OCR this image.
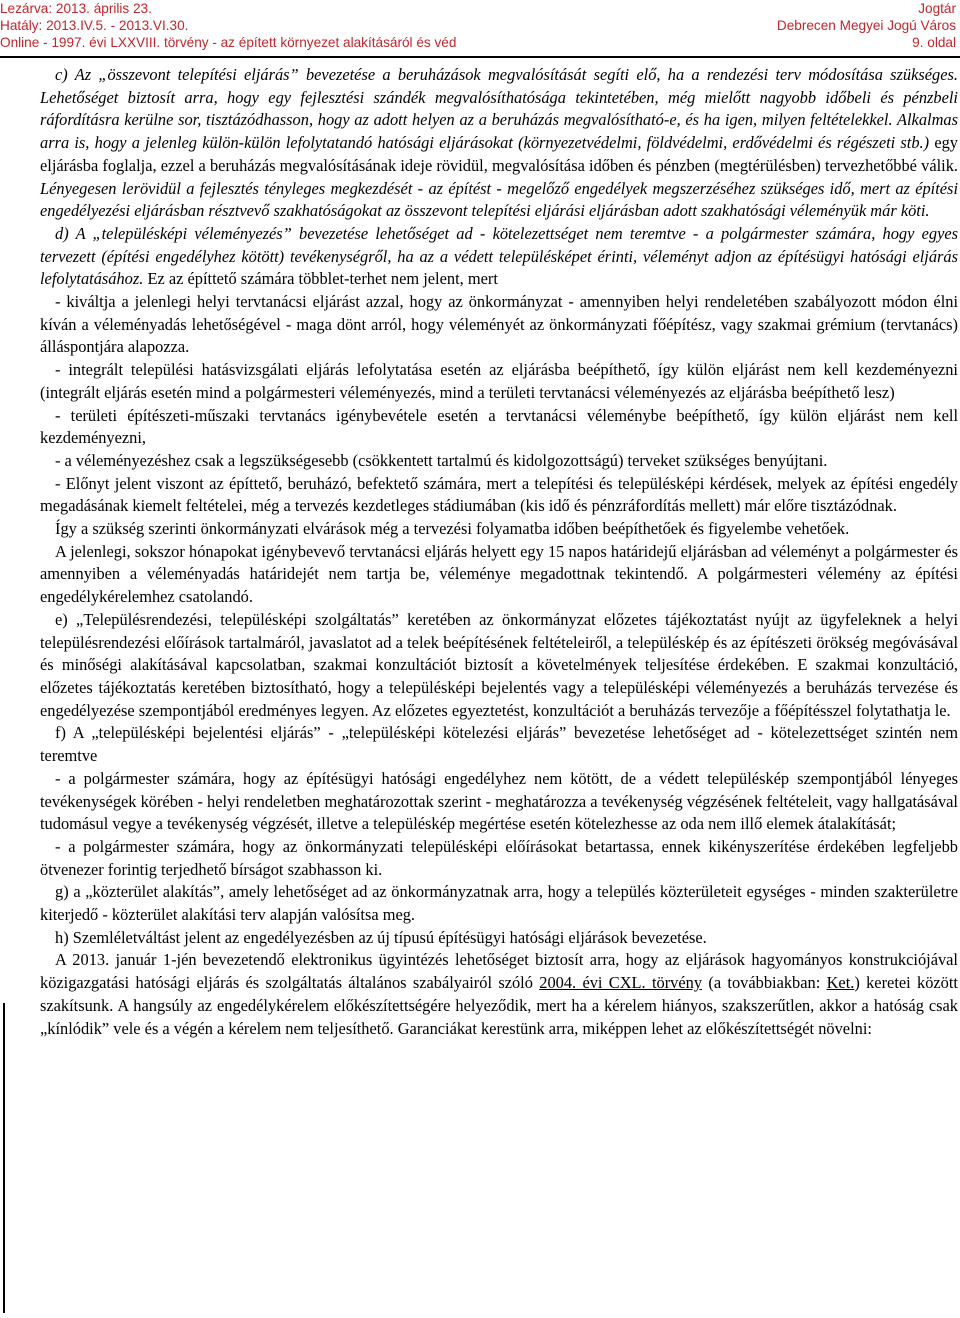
Lezárva: 2013. április 23.
Hatály: 2013.IV.5. - 2013.VI.30.
Online - 1997. évi LXXVIII. törvény - az épített környezet alakításáról és véd
Jogtár
Debrecen Megyei Jogú Város
9. oldal

c) Az „összevont telepítési eljárás” bevezetése a beruházások megvalósítását segíti elő, ha a rendezési terv módosítása szükséges. Lehetőséget biztosít arra, hogy egy fejlesztési szándék megvalósíthatósága tekintetében, még mielőtt nagyobb időbeli és pénzbeli ráfordításra kerülne sor, tisztázódhasson, hogy az adott helyen az a beruházás megvalósítható-e, és ha igen, milyen feltételekkel. Alkalmas arra is, hogy a jelenleg külön-külön lefolytatandó hatósági eljárásokat (környezetvédelmi, földvédelmi, erdővédelmi és régészeti stb.) egy eljárásba foglalja, ezzel a beruházás megvalósításának ideje rövidül, megvalósítása időben és pénzben (megtérülésben) tervezhetőbbé válik. Lényegesen lerövidül a fejlesztés tényleges megkezdését - az építést - megelőző engedélyek megszerzéséhez szükséges idő, mert az építési engedélyezési eljárásban résztvevő szakhatóságokat az összevont telepítési eljárási eljárásban adott szakhatósági véleményük már köti.

d) A „településképi véleményezés” bevezetése lehetőséget ad - kötelezettséget nem teremtve - a polgármester számára, hogy egyes tervezett (építési engedélyhez kötött) tevékenységről, ha az a védett településképet érinti, véleményt adjon az építésügyi hatósági eljárás lefolytatásához. Ez az építtető számára többlet-terhet nem jelent, mert

- kiváltja a jelenlegi helyi tervtanácsi eljárást azzal, hogy az önkormányzat - amennyiben helyi rendeletében szabályozott módon élni kíván a véleményadás lehetőségével - maga dönt arról, hogy véleményét az önkormányzati főépítész, vagy szakmai grémium (tervtanács) álláspontjára alapozza.

- integrált települési hatásvizsgálati eljárás lefolytatása esetén az eljárásba beépíthető, így külön eljárást nem kell kezdeményezni (integrált eljárás esetén mind a polgármesteri véleményezés, mind a területi tervtanácsi véleményezés az eljárásba beépíthető lesz)

- területi építészeti-műszaki tervtanács igénybevétele esetén a tervtanácsi véleménybe beépíthető, így külön eljárást nem kell kezdeményezni,

- a véleményezéshez csak a legszükségesebb (csökkentett tartalmú és kidolgozottságú) terveket szükséges benyújtani.

- Előnyt jelent viszont az építtető, beruházó, befektető számára, mert a telepítési és településképi kérdések, melyek az építési engedély megadásának kiemelt feltételei, még a tervezés kezdetleges stádiumában (kis idő és pénzráfordítás mellett) már előre tisztázódnak.

Így a szükség szerinti önkormányzati elvárások még a tervezési folyamatba időben beépíthetőek és figyelembe vehetőek.

A jelenlegi, sokszor hónapokat igénybevevő tervtanácsi eljárás helyett egy 15 napos határidejű eljárásban ad véleményt a polgármester és amennyiben a véleményadás határidejét nem tartja be, véleménye megadottnak tekintendő. A polgármesteri vélemény az építési engedélykérelemhez csatolandó.

e) „Településrendezési, településképi szolgáltatás” keretében az önkormányzat előzetes tájékoztatást nyújt az ügyfeleknek a helyi településrendezési előírások tartalmáról, javaslatot ad a telek beépítésének feltételeiről, a településkép és az építészeti örökség megóvásával és minőségi alakításával kapcsolatban, szakmai konzultációt biztosít a követelmények teljesítése érdekében. E szakmai konzultáció, előzetes tájékoztatás keretében biztosítható, hogy a településképi bejelentés vagy a településképi véleményezés a beruházás tervezése és engedélyezése szempontjából eredményes legyen. Az előzetes egyeztetést, konzultációt a beruházás tervezője a főépítésszel folytathatja le.

f) A „településképi bejelentési eljárás” - „településképi kötelezési eljárás” bevezetése lehetőséget ad - kötelezettséget szintén nem teremtve

- a polgármester számára, hogy az építésügyi hatósági engedélyhez nem kötött, de a védett településkép szempontjából lényeges tevékenységek körében - helyi rendeletben meghatározottak szerint - meghatározza a tevékenység végzésének feltételeit, vagy hallgatásával tudomásul vegye a tevékenység végzését, illetve a településkép megértése esetén kötelezhesse az oda nem illő elemek átalakítását;

- a polgármester számára, hogy az önkormányzati településképi előírásokat betartassa, ennek kikényszerítése érdekében legfeljebb ötvenezer forintig terjedhető bírságot szabhasson ki.

g) a „közterület alakítás”, amely lehetőséget ad az önkormányzatnak arra, hogy a település közterületeit egységes - minden szakterületre kiterjedő - közterület alakítási terv alapján valósítsa meg.

h) Szemléletváltást jelent az engedélyezésben az új típusú építésügyi hatósági eljárások bevezetése.

A 2013. január 1-jén bevezetendő elektronikus ügyintézés lehetőséget biztosít arra, hogy az eljárások hagyományos konstrukciójával közigazgatási hatósági eljárás és szolgáltatás általános szabályairól szóló 2004. évi CXL. törvény (a továbbiakban: Ket.) keretei között szakítsunk. A hangsúly az engedélykérelem előkészítettségére helyeződik, mert ha a kérelem hiányos, szakszerűtlen, akkor a hatóság csak „kínlódik” vele és a végén a kérelem nem teljesíthető. Garanciákat kerestünk arra, miképpen lehet az előkészítettségét növelni:
